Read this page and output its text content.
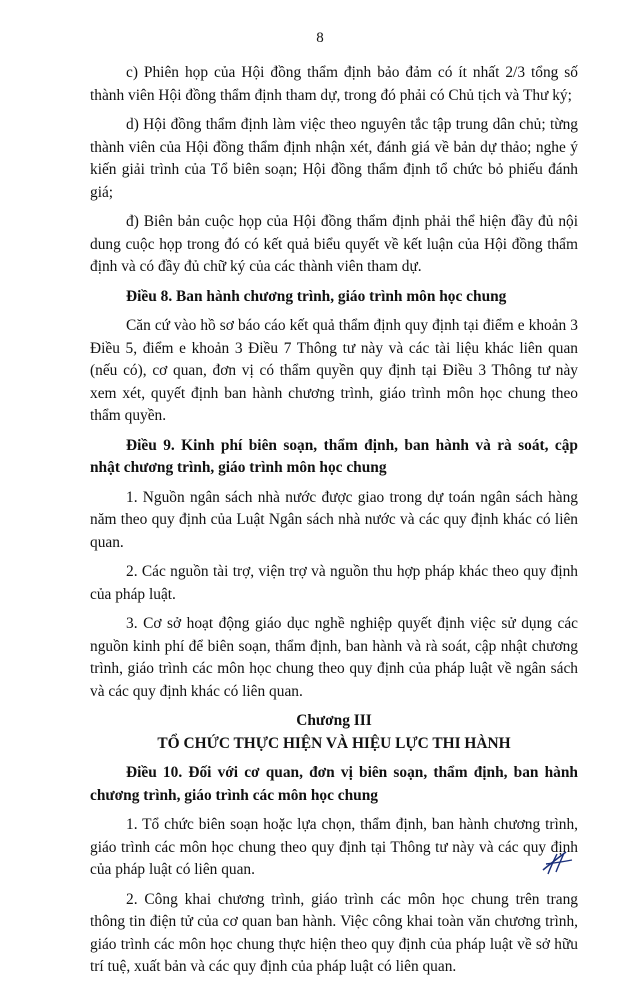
8

c) Phiên họp của Hội đồng thẩm định bảo đảm có ít nhất 2/3 tổng số thành viên Hội đồng thẩm định tham dự, trong đó phải có Chủ tịch và Thư ký;

d) Hội đồng thẩm định làm việc theo nguyên tắc tập trung dân chủ; từng thành viên của Hội đồng thẩm định nhận xét, đánh giá về bản dự thảo; nghe ý kiến giải trình của Tổ biên soạn; Hội đồng thẩm định tổ chức bỏ phiếu đánh giá;

đ) Biên bản cuộc họp của Hội đồng thẩm định phải thể hiện đầy đủ nội dung cuộc họp trong đó có kết quả biểu quyết về kết luận của Hội đồng thẩm định và có đầy đủ chữ ký của các thành viên tham dự.

Điều 8. Ban hành chương trình, giáo trình môn học chung

Căn cứ vào hồ sơ báo cáo kết quả thẩm định quy định tại điểm e khoản 3 Điều 5, điểm e khoản 3 Điều 7 Thông tư này và các tài liệu khác liên quan (nếu có), cơ quan, đơn vị có thẩm quyền quy định tại Điều 3 Thông tư này xem xét, quyết định ban hành chương trình, giáo trình môn học chung theo thẩm quyền.

Điều 9. Kinh phí biên soạn, thẩm định, ban hành và rà soát, cập nhật chương trình, giáo trình môn học chung

1. Nguồn ngân sách nhà nước được giao trong dự toán ngân sách hàng năm theo quy định của Luật Ngân sách nhà nước và các quy định khác có liên quan.

2. Các nguồn tài trợ, viện trợ và nguồn thu hợp pháp khác theo quy định của pháp luật.

3. Cơ sở hoạt động giáo dục nghề nghiệp quyết định việc sử dụng các nguồn kinh phí để biên soạn, thẩm định, ban hành và rà soát, cập nhật chương trình, giáo trình các môn học chung theo quy định của pháp luật về ngân sách và các quy định khác có liên quan.

Chương III

TỔ CHỨC THỰC HIỆN VÀ HIỆU LỰC THI HÀNH

Điều 10. Đối với cơ quan, đơn vị biên soạn, thẩm định, ban hành chương trình, giáo trình các môn học chung

1. Tổ chức biên soạn hoặc lựa chọn, thẩm định, ban hành chương trình, giáo trình các môn học chung theo quy định tại Thông tư này và các quy định của pháp luật có liên quan.

2. Công khai chương trình, giáo trình các môn học chung trên trang thông tin điện tử của cơ quan ban hành. Việc công khai toàn văn chương trình, giáo trình các môn học chung thực hiện theo quy định của pháp luật về sở hữu trí tuệ, xuất bản và các quy định của pháp luật có liên quan.
